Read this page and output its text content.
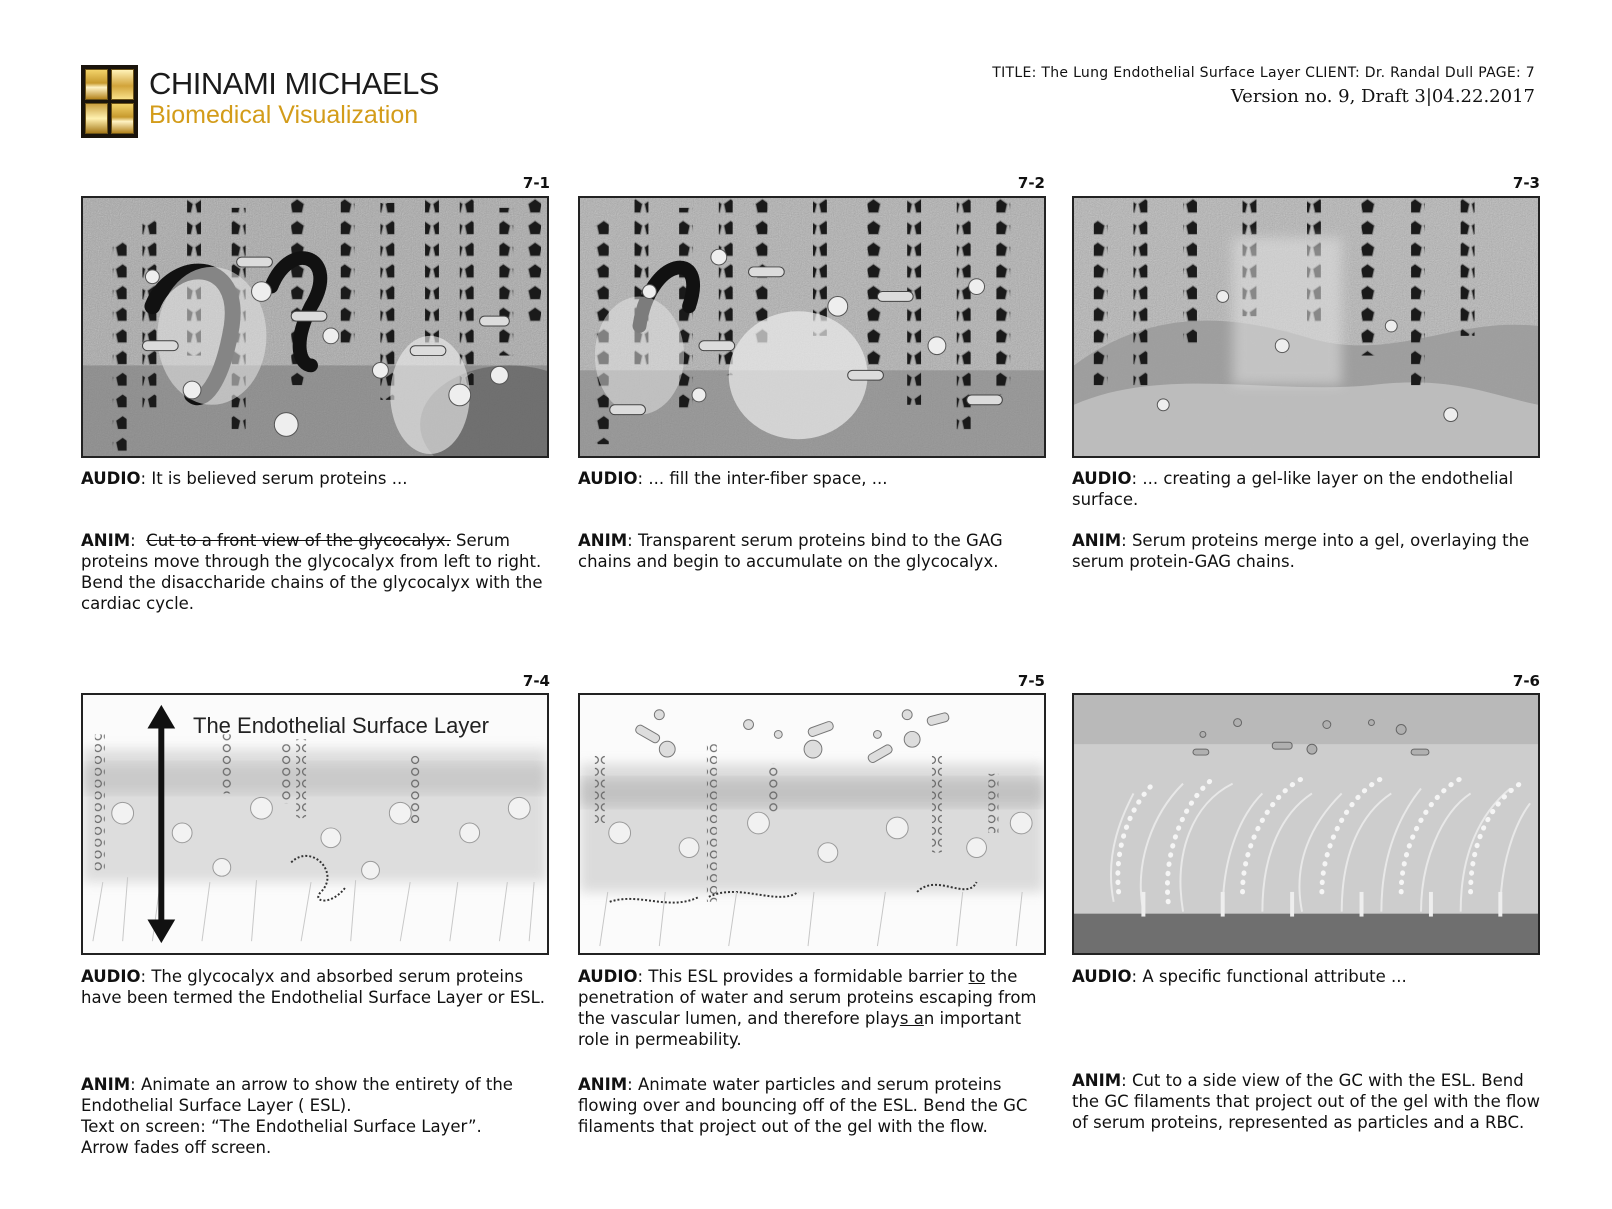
CHINAMI MICHAELS
Biomedical Visualization
TITLE: The Lung Endothelial Surface Layer CLIENT: Dr. Randal Dull PAGE: 7
Version no. 9, Draft 3|04.22.2017
7-1
AUDIO: It is believed serum proteins ...
ANIM:  Cut to a front view of the glycocalyx. Serum proteins move through the glycocalyx from left to right. Bend the disaccharide chains of the glycocalyx with the cardiac cycle.
7-2
AUDIO: ... fill the inter-fiber space, ...
ANIM: Transparent serum proteins bind to the GAG chains and begin to accumulate on the glycocalyx.
7-3
AUDIO: ... creating a gel-like layer on the endothelial surface.
ANIM: Serum proteins merge into a gel, overlaying the serum protein-GAG chains.
7-4
The Endothelial Surface Layer
AUDIO: The glycocalyx and absorbed serum proteins have been termed the Endothelial Surface Layer or ESL.
ANIM: Animate an arrow to show the entirety of the Endothelial Surface Layer ( ESL).
Text on screen: “The Endothelial Surface Layer”.
Arrow fades off screen.
7-5
AUDIO: This ESL provides a formidable barrier to the penetration of water and serum proteins escaping from the vascular lumen, and therefore plays an important role in permeability.
ANIM: Animate water particles and serum proteins flowing over and bouncing off of the ESL. Bend the GC filaments that project out of the gel with the flow.
7-6
AUDIO: A specific functional attribute ...
ANIM: Cut to a side view of the GC with the ESL. Bend the GC filaments that project out of the gel with the flow of serum proteins, represented as particles and a RBC.
